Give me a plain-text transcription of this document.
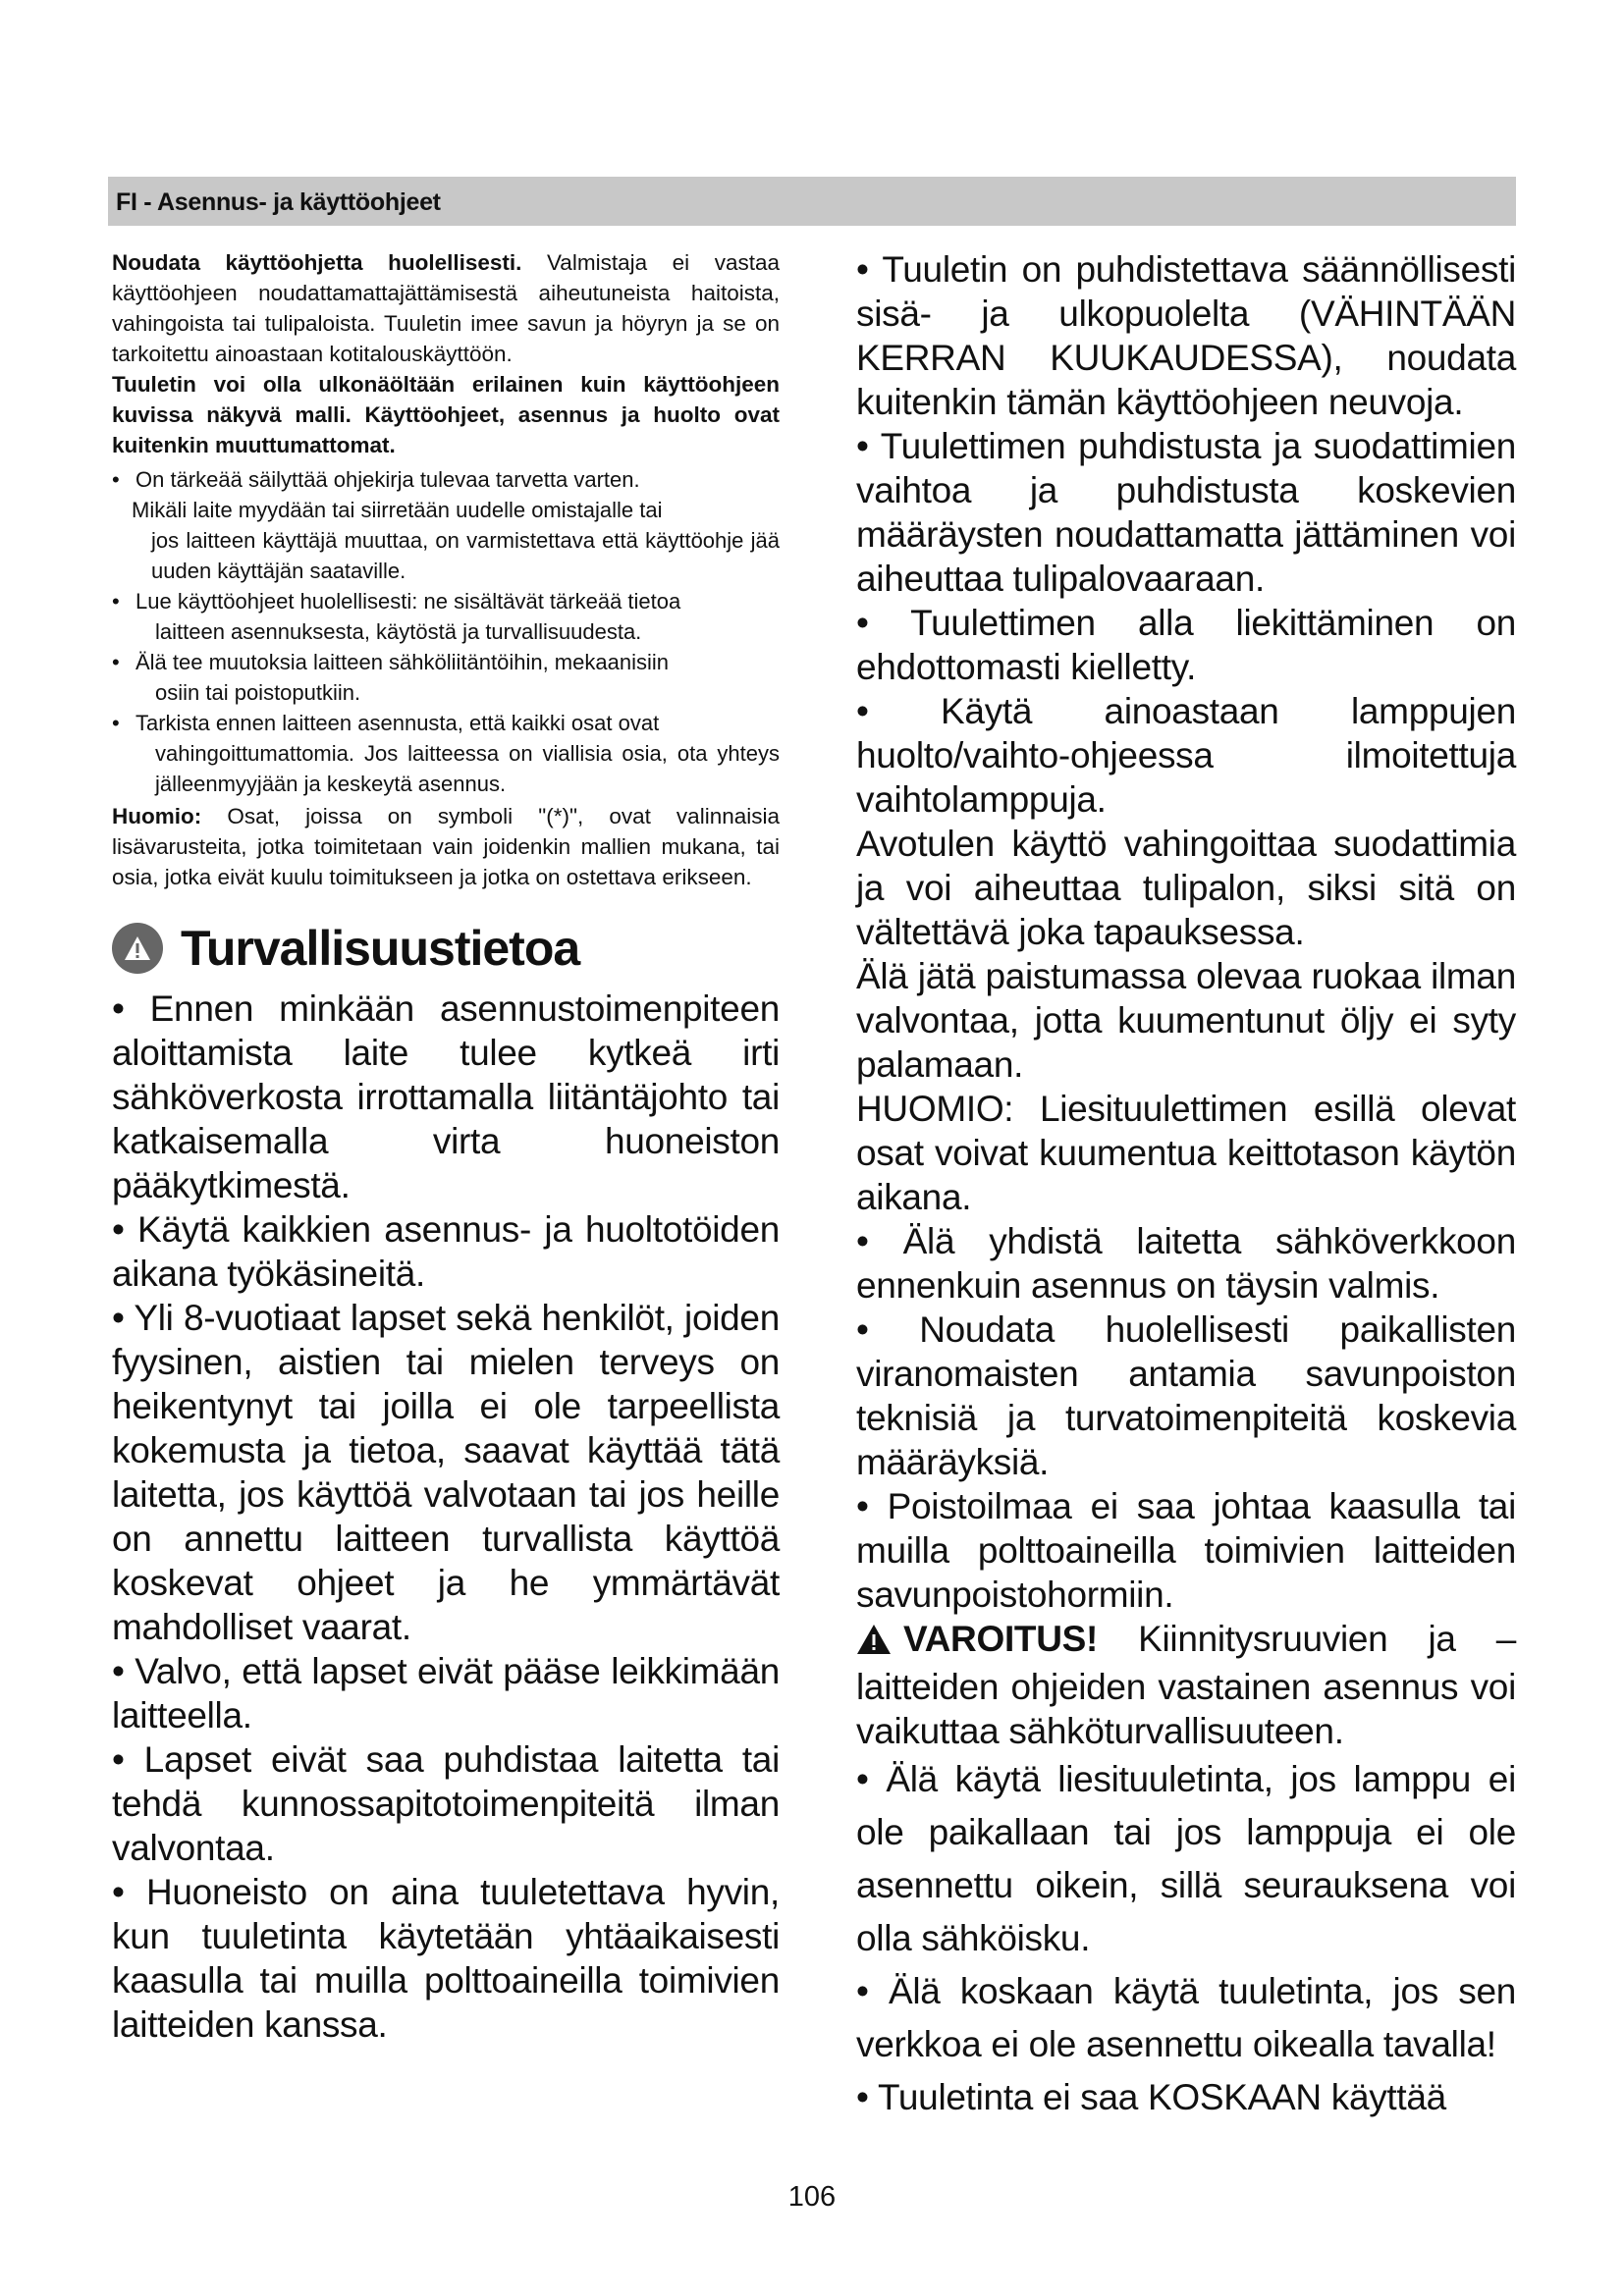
FI - Asennus- ja käyttöohjeet

Noudata käyttöohjetta huolellisesti. Valmistaja ei vastaa käyttöohjeen noudattamattajättämisestä aiheutuneista haitoista, vahingoista tai tulipaloista. Tuuletin imee savun ja höyryn ja se on tarkoitettu ainoastaan kotitalouskäyttöön.

Tuuletin voi olla ulkonäöltään erilainen kuin käyttöohjeen kuvissa näkyvä malli. Käyttöohjeet, asennus ja huolto ovat kuitenkin muuttumattomat.

• On tärkeää säilyttää ohjekirja tulevaa tarvetta varten.
Mikäli laite myydään tai siirretään uudelle omistajalle tai
jos laitteen käyttäjä muuttaa, on varmistettava että käyttöohje jää uuden käyttäjän saataville.
• Lue käyttöohjeet huolellisesti: ne sisältävät tärkeää tietoa
laitteen asennuksesta, käytöstä ja turvallisuudesta.
• Älä tee muutoksia laitteen sähköliitäntöihin, mekaanisiin
osiin tai poistoputkiin.
• Tarkista ennen laitteen asennusta, että kaikki osat ovat
vahingoittumattomia. Jos laitteessa on viallisia osia, ota yhteys jälleenmyyjään ja keskeytä asennus.

Huomio: Osat, joissa on symboli "(*)", ovat valinnaisia lisävarusteita, jotka toimitetaan vain joidenkin mallien mukana, tai osia, jotka eivät kuulu toimitukseen ja jotka on ostettava erikseen.

Turvallisuustietoa
• Ennen minkään asennustoimenpiteen aloittamista laite tulee kytkeä irti sähköverkosta irrottamalla liitäntäjohto tai katkaisemalla virta huoneiston pääkytkimestä.
• Käytä kaikkien asennus- ja huoltotöiden aikana työkäsineitä.
• Yli 8-vuotiaat lapset sekä henkilöt, joiden fyysinen, aistien tai mielen terveys on heikentynyt tai joilla ei ole tarpeellista kokemusta ja tietoa, saavat käyttää tätä laitetta, jos käyttöä valvotaan tai jos heille on annettu laitteen turvallista käyttöä koskevat ohjeet ja he ymmärtävät mahdolliset vaarat.
• Valvo, että lapset eivät pääse leikkimään laitteella.
• Lapset eivät saa puhdistaa laitetta tai tehdä kunnossapitotoimenpiteitä ilman valvontaa.
• Huoneisto on aina tuuletettava hyvin, kun tuuletinta käytetään yhtäaikaisesti kaasulla tai muilla polttoaineilla toimivien laitteiden kanssa.
• Tuuletin on puhdistettava säännöllisesti sisä- ja ulkopuolelta (VÄHINTÄÄN KERRAN KUUKAUDESSA), noudata kuitenkin tämän käyttöohjeen neuvoja.
• Tuulettimen puhdistusta ja suodattimien vaihtoa ja puhdistusta koskevien määräysten noudattamatta jättäminen voi aiheuttaa tulipalovaaraan.
• Tuulettimen alla liekittäminen on ehdottomasti kielletty.
• Käytä ainoastaan lamppujen huolto/vaihto-ohjeessa ilmoitettuja vaihtolamppuja.
Avotulen käyttö vahingoittaa suodattimia ja voi aiheuttaa tulipalon, siksi sitä on vältettävä joka tapauksessa.
Älä jätä paistumassa olevaa ruokaa ilman valvontaa, jotta kuumentunut öljy ei syty palamaan.
HUOMIO: Liesituulettimen esillä olevat osat voivat kuumentua keittotason käytön aikana.
• Älä yhdistä laitetta sähköverkkoon ennenkuin asennus on täysin valmis.
• Noudata huolellisesti paikallisten viranomaisten antamia savunpoiston teknisiä ja turvatoimenpiteitä koskevia määräyksiä.
• Poistoilmaa ei saa johtaa kaasulla tai muilla polttoaineilla toimivien laitteiden savunpoistohormiin.
VAROITUS! Kiinnitysruuvien ja – laitteiden ohjeiden vastainen asennus voi vaikuttaa sähköturvallisuuteen.
• Älä käytä liesituuletinta, jos lamppu ei ole paikallaan tai jos lamppuja ei ole asennettu oikein, sillä seurauksena voi olla sähköisku.
• Älä koskaan käytä tuuletinta, jos sen verkkoa ei ole asennettu oikealla tavalla!
• Tuuletinta ei saa KOSKAAN käyttää
106
